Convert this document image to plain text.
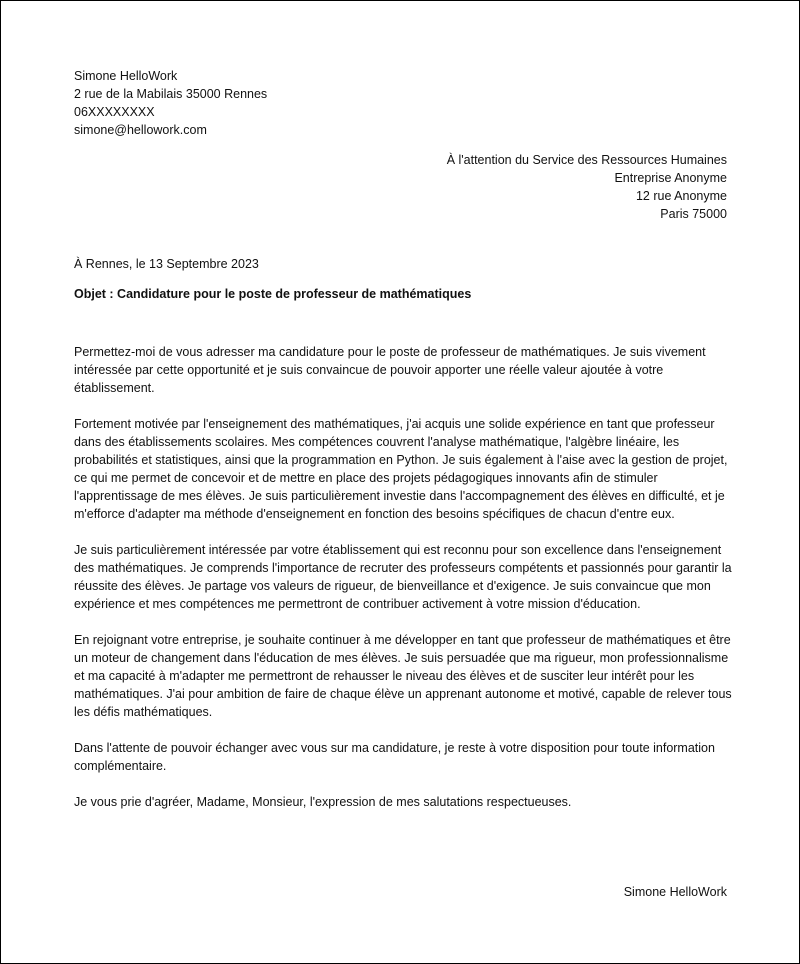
Simone HelloWork
2 rue de la Mabilais 35000 Rennes
06XXXXXXXX
simone@hellowork.com
À l'attention du Service des Ressources Humaines
Entreprise Anonyme
12 rue Anonyme
Paris 75000
À Rennes, le 13 Septembre 2023
Objet : Candidature pour le poste de professeur de mathématiques

Permettez-moi de vous adresser ma candidature pour le poste de professeur de mathématiques. Je suis vivement intéressée par cette opportunité et je suis convaincue de pouvoir apporter une réelle valeur ajoutée à votre établissement.

Fortement motivée par l'enseignement des mathématiques, j'ai acquis une solide expérience en tant que professeur dans des établissements scolaires. Mes compétences couvrent l'analyse mathématique, l'algèbre linéaire, les probabilités et statistiques, ainsi que la programmation en Python. Je suis également à l'aise avec la gestion de projet, ce qui me permet de concevoir et de mettre en place des projets pédagogiques innovants afin de stimuler l'apprentissage de mes élèves. Je suis particulièrement investie dans l'accompagnement des élèves en difficulté, et je m'efforce d'adapter ma méthode d'enseignement en fonction des besoins spécifiques de chacun d'entre eux.

Je suis particulièrement intéressée par votre établissement qui est reconnu pour son excellence dans l'enseignement des mathématiques. Je comprends l'importance de recruter des professeurs compétents et passionnés pour garantir la réussite des élèves. Je partage vos valeurs de rigueur, de bienveillance et d'exigence. Je suis convaincue que mon expérience et mes compétences me permettront de contribuer activement à votre mission d'éducation.

En rejoignant votre entreprise, je souhaite continuer à me développer en tant que professeur de mathématiques et être un moteur de changement dans l'éducation de mes élèves. Je suis persuadée que ma rigueur, mon professionnalisme et ma capacité à m'adapter me permettront de rehausser le niveau des élèves et de susciter leur intérêt pour les mathématiques. J'ai pour ambition de faire de chaque élève un apprenant autonome et motivé, capable de relever tous les défis mathématiques.

Dans l'attente de pouvoir échanger avec vous sur ma candidature, je reste à votre disposition pour toute information complémentaire.

Je vous prie d'agréer, Madame, Monsieur, l'expression de mes salutations respectueuses.

Simone HelloWork
